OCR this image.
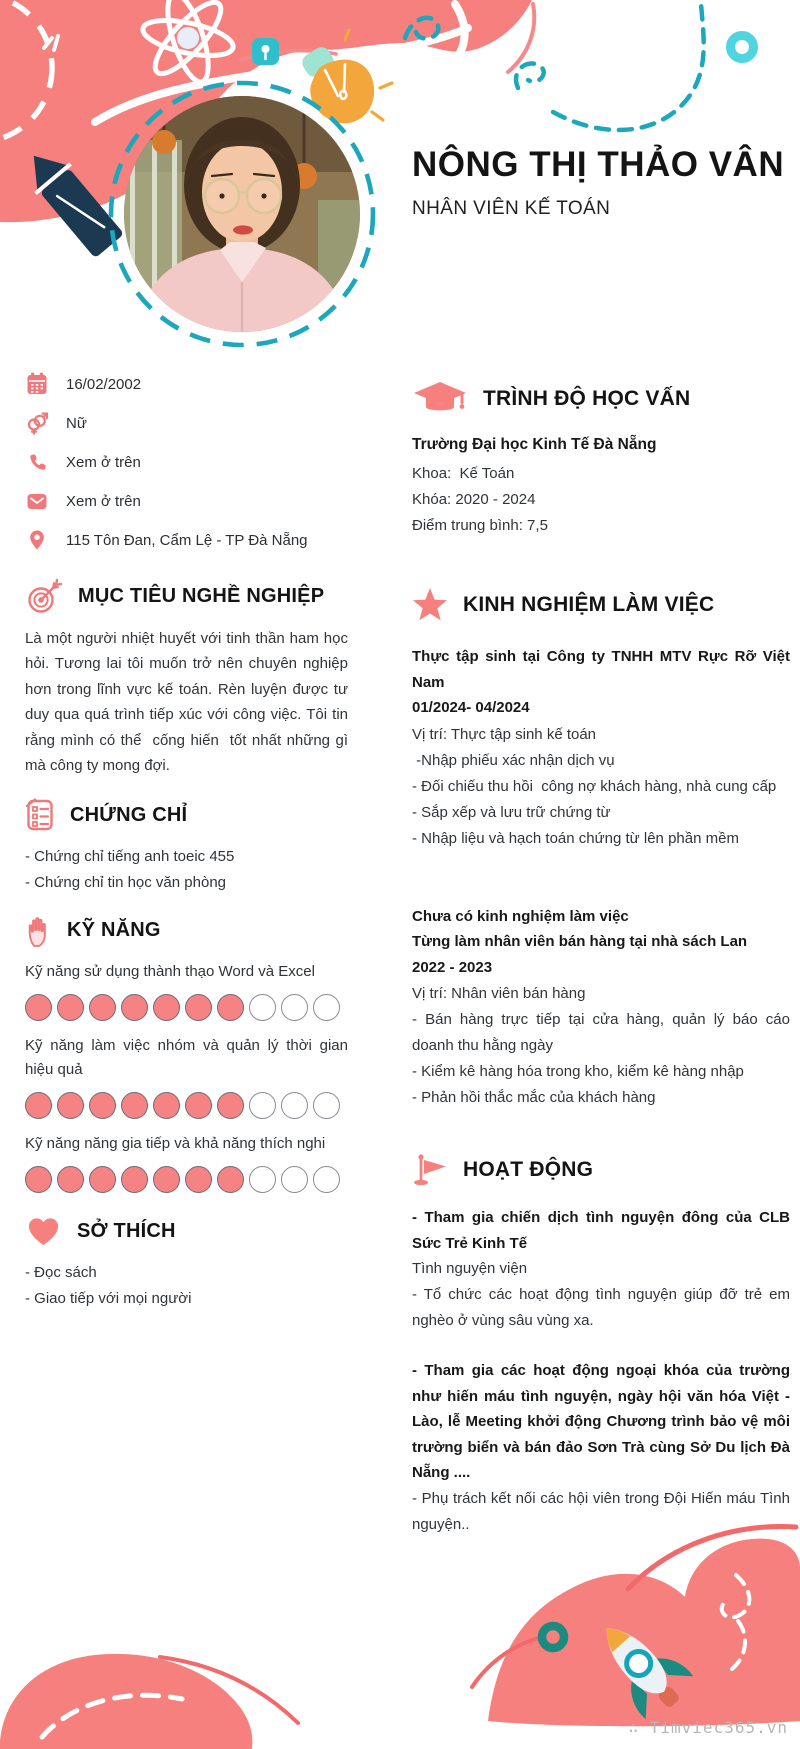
NÔNG THỊ THẢO VÂN
NHÂN VIÊN KẾ TOÁN
16/02/2002
Nữ
Xem ở trên
Xem ở trên
115 Tôn Đan, Cẩm Lệ - TP Đà Nẵng
MỤC TIÊU NGHỀ NGHIỆP
Là một người nhiệt huyết với tinh thần ham học hỏi. Tương lai tôi muốn trở nên chuyên nghiệp hơn trong lĩnh vực kế toán. Rèn luyện được tư duy qua quá trình tiếp xúc với công việc. Tôi tin rằng mình có thể  cống hiến  tốt nhất những gì mà công ty mong đợi.
CHỨNG CHỈ
- Chứng chỉ tiếng anh toeic 455
- Chứng chỉ tin học văn phòng
KỸ NĂNG
Kỹ năng sử dụng thành thạo Word và Excel
Kỹ năng làm việc nhóm và quản lý thời gian hiệu quả
Kỹ năng năng gia tiếp và khả năng thích nghi
SỞ THÍCH
- Đọc sách
- Giao tiếp với mọi người
TRÌNH ĐỘ HỌC VẤN
Trường Đại học Kinh Tế Đà Nẵng
Khoa:  Kế Toán
Khóa: 2020 - 2024
Điểm trung bình: 7,5
KINH NGHIỆM LÀM VIỆC
Thực tập sinh tại Công ty TNHH MTV Rực Rỡ Việt Nam
01/2024- 04/2024
Vị trí: Thực tập sinh kế toán
-Nhập phiếu xác nhận dịch vụ
- Đối chiếu thu hồi  công nợ khách hàng, nhà cung cấp
- Sắp xếp và lưu trữ chứng từ
- Nhập liệu và hạch toán chứng từ lên phần mềm
Chưa có kinh nghiệm làm việc
Từng làm nhân viên bán hàng tại nhà sách Lan
2022 - 2023
Vị trí: Nhân viên bán hàng
- Bán hàng trực tiếp tại cửa hàng, quản lý báo cáo doanh thu hằng ngày
- Kiểm kê hàng hóa trong kho, kiểm kê hàng nhập
- Phản hồi thắc mắc của khách hàng
HOẠT ĐỘNG
- Tham gia chiến dịch tình nguyện đông của CLB Sức Trẻ Kinh Tế
Tình nguyện viện
- Tổ chức các hoạt động tình nguyện giúp đỡ trẻ em nghèo ở vùng sâu vùng xa.
- Tham gia các hoạt động ngoại khóa của trường như hiến máu tình nguyện, ngày hội văn hóa Việt -Lào, lễ Meeting khởi động Chương trình bảo vệ môi trường biển và bán đảo Sơn Trà cùng Sở Du lịch Đà Nẵng ....
- Phụ trách kết nối các hội viên trong Đội Hiến máu Tình nguyện..
∴ Timviec365.vn
